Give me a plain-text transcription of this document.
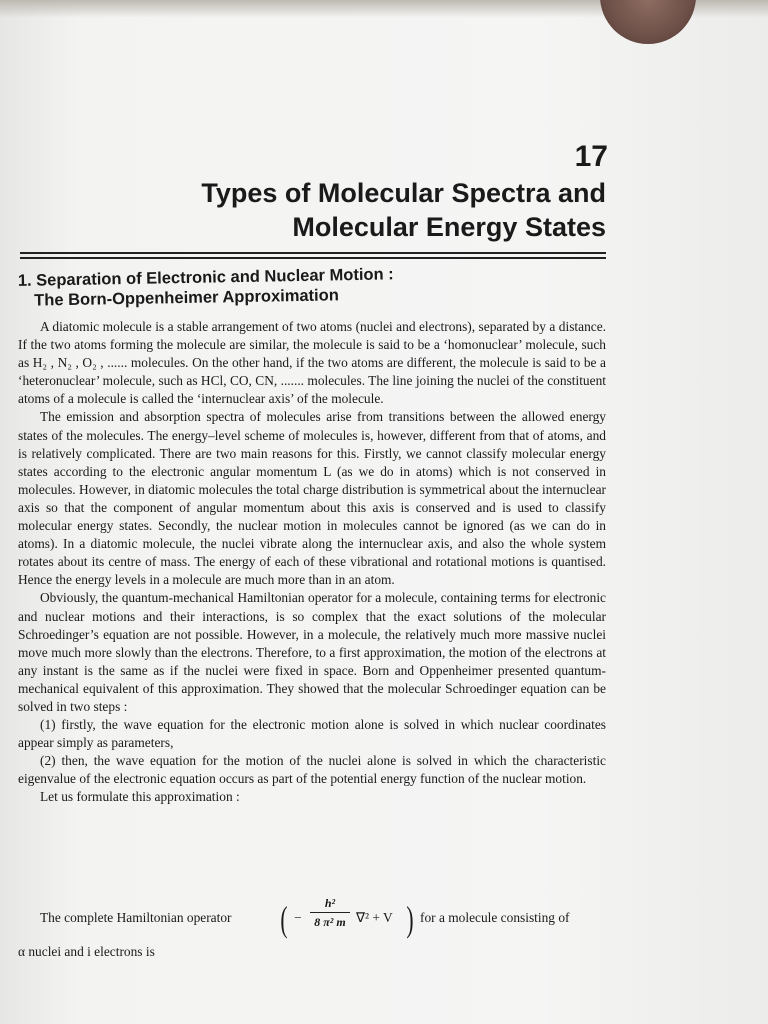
17
Types of Molecular Spectra and
Molecular Energy States
1. Separation of Electronic and Nuclear Motion :
The Born-Oppenheimer Approximation

A diatomic molecule is a stable arrangement of two atoms (nuclei and electrons), separated by a distance. If the two atoms forming the molecule are similar, the molecule is said to be a ‘homonuclear’ molecule, such as H₂ , N₂ , O₂ , ...... molecules. On the other hand, if the two atoms are different, the molecule is said to be a ‘heteronuclear’ molecule, such as HCl, CO, CN, ....... molecules. The line joining the nuclei of the constituent atoms of a molecule is called the ‘internuclear axis’ of the molecule.

The emission and absorption spectra of molecules arise from transitions between the allowed energy states of the molecules. The energy–level scheme of molecules is, however, different from that of atoms, and is relatively complicated. There are two main reasons for this. Firstly, we cannot classify molecular energy states according to the electronic angular momentum L (as we do in atoms) which is not conserved in molecules. However, in diatomic molecules the total charge distribution is symmetrical about the internuclear axis so that the component of angular momentum about this axis is conserved and is used to classify molecular energy states. Secondly, the nuclear motion in molecules cannot be ignored (as we can do in atoms). In a diatomic molecule, the nuclei vibrate along the internuclear axis, and also the whole system rotates about its centre of mass. The energy of each of these vibrational and rotational motions is quantised. Hence the energy levels in a molecule are much more than in an atom.

Obviously, the quantum-mechanical Hamiltonian operator for a molecule, containing terms for electronic and nuclear motions and their interactions, is so complex that the exact solutions of the molecular Schroedinger’s equation are not possible. However, in a molecule, the relatively much more massive nuclei move much more slowly than the electrons. Therefore, to a first approximation, the motion of the electrons at any instant is the same as if the nuclei were fixed in space. Born and Oppenheimer presented quantum-mechanical equivalent of this approximation. They showed that the molecular Schroedinger equation can be solved in two steps :

(1) firstly, the wave equation for the electronic motion alone is solved in which nuclear coordinates appear simply as parameters,

(2) then, the wave equation for the motion of the nuclei alone is solved in which the characteristic eigenvalue of the electronic equation occurs as part of the potential energy function of the nuclear motion.

Let us formulate this approximation :

The complete Hamiltonian operator ( − $\frac{\text{h²}}{\text{8 π² m}} \nabla^2 + V$ ) for a molecule consisting of
α nuclei and i electrons is
